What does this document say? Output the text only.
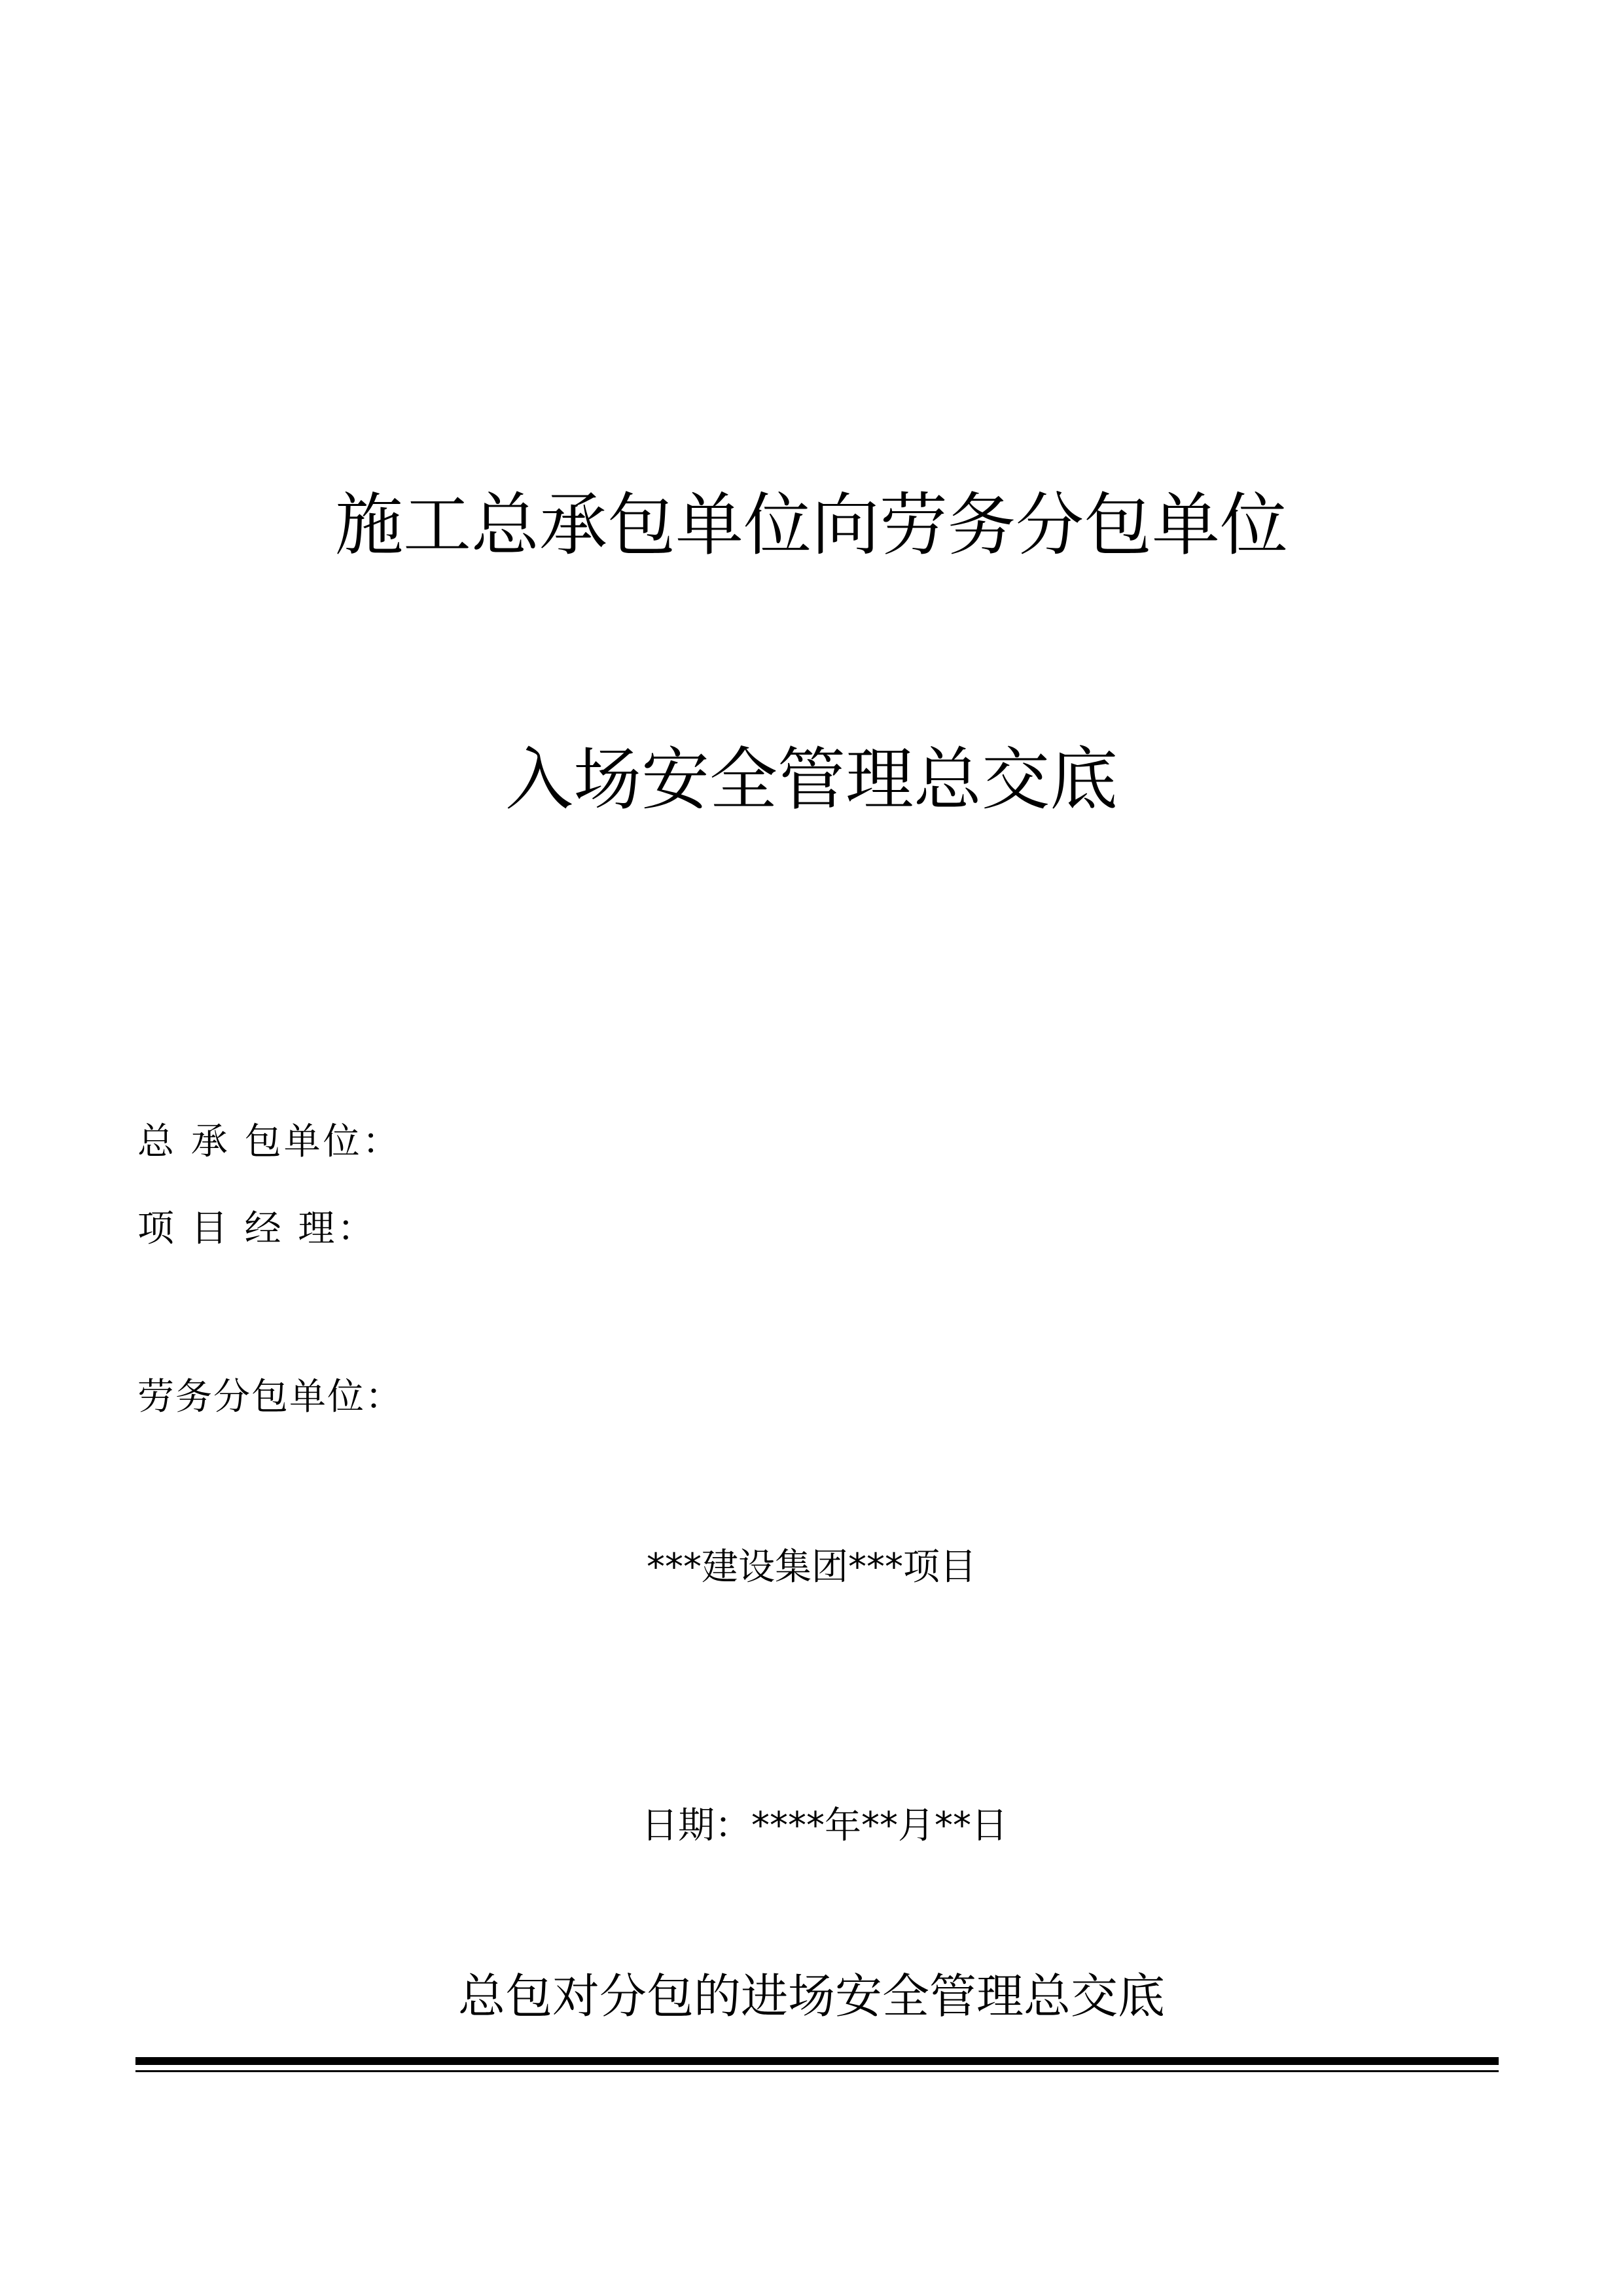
施工总承包单位向劳务分包单位
入场安全管理总交底
总 承 包单位：
项 目 经 理：
劳务分包单位：
***建设集团***项目
日期：****年**月**日
总包对分包的进场安全管理总交底
